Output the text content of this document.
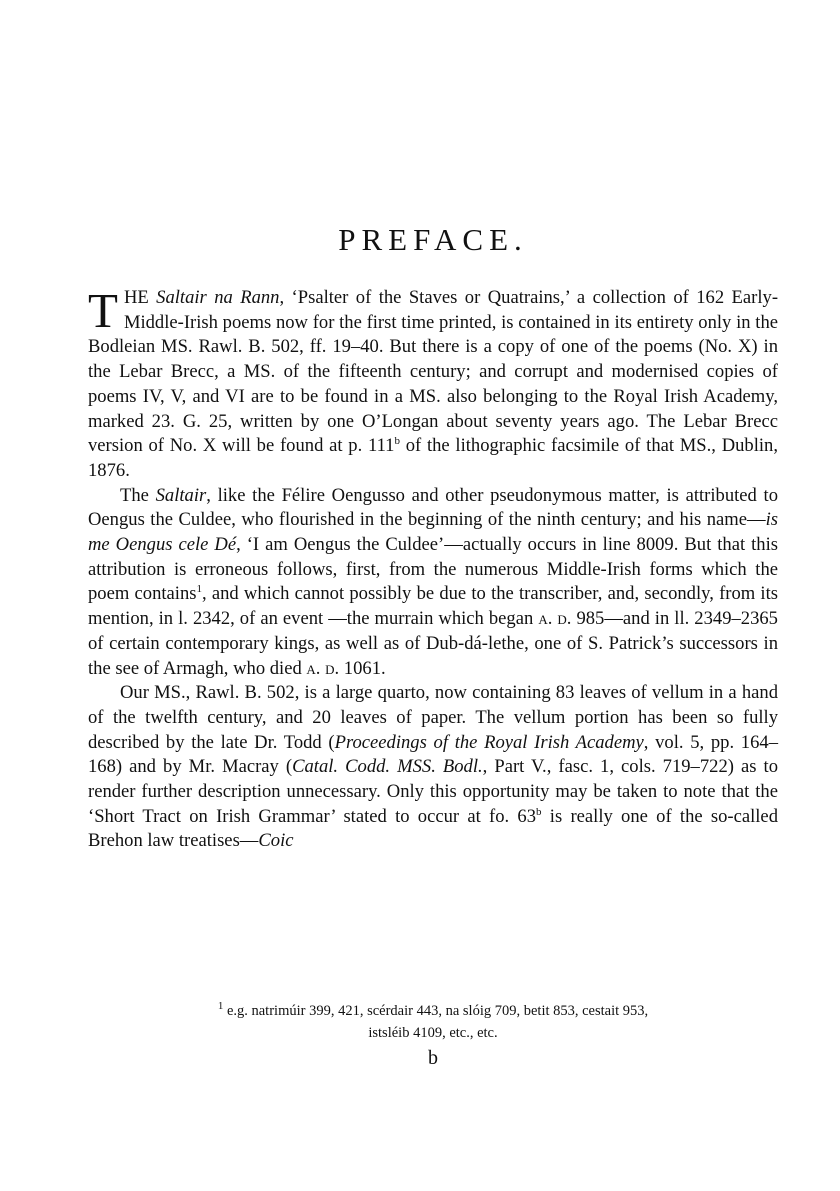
PREFACE.

THE Saltair na Rann, ‘Psalter of the Staves or Quatrains,’ a collection of 162 Early-Middle-Irish poems now for the first time printed, is contained in its entirety only in the Bodleian MS. Rawl. B. 502, ff. 19–40. But there is a copy of one of the poems (No. X) in the Lebar Brecc, a MS. of the fifteenth century; and corrupt and modernised copies of poems IV, V, and VI are to be found in a MS. also belonging to the Royal Irish Academy, marked 23. G. 25, written by one O’Longan about seventy years ago. The Lebar Brecc version of No. X will be found at p. 111$^b$ of the lithographic facsimile of that MS., Dublin, 1876.

The Saltair, like the Félire Oengusso and other pseudonymous matter, is attributed to Oengus the Culdee, who flourished in the beginning of the ninth century; and his name—is me Oengus cele Dé, ‘I am Oengus the Culdee’—actually occurs in line 8009. But that this attribution is erroneous follows, first, from the numerous Middle-Irish forms which the poem contains$^1$, and which cannot possibly be due to the transcriber, and, secondly, from its mention, in l. 2342, of an event —the murrain which began a. d. 985—and in ll. 2349–2365 of certain contemporary kings, as well as of Dub-dá-lethe, one of S. Patrick’s successors in the see of Armagh, who died a. d. 1061.

Our MS., Rawl. B. 502, is a large quarto, now containing 83 leaves of vellum in a hand of the twelfth century, and 20 leaves of paper. The vellum portion has been so fully described by the late Dr. Todd (Proceedings of the Royal Irish Academy, vol. 5, pp. 164–168) and by Mr. Macray (Catal. Codd. MSS. Bodl., Part V., fasc. 1, cols. 719–722) as to render further description unnecessary. Only this opportunity may be taken to note that the ‘Short Tract on Irish Grammar’ stated to occur at fo. 63$^b$ is really one of the so-called Brehon law treatises—Coic

$^1$ e.g. natrimúir 399, 421, scérdair 443, na slóig 709, betit 853, cestait 953,
istsléib 4109, etc., etc.
b
